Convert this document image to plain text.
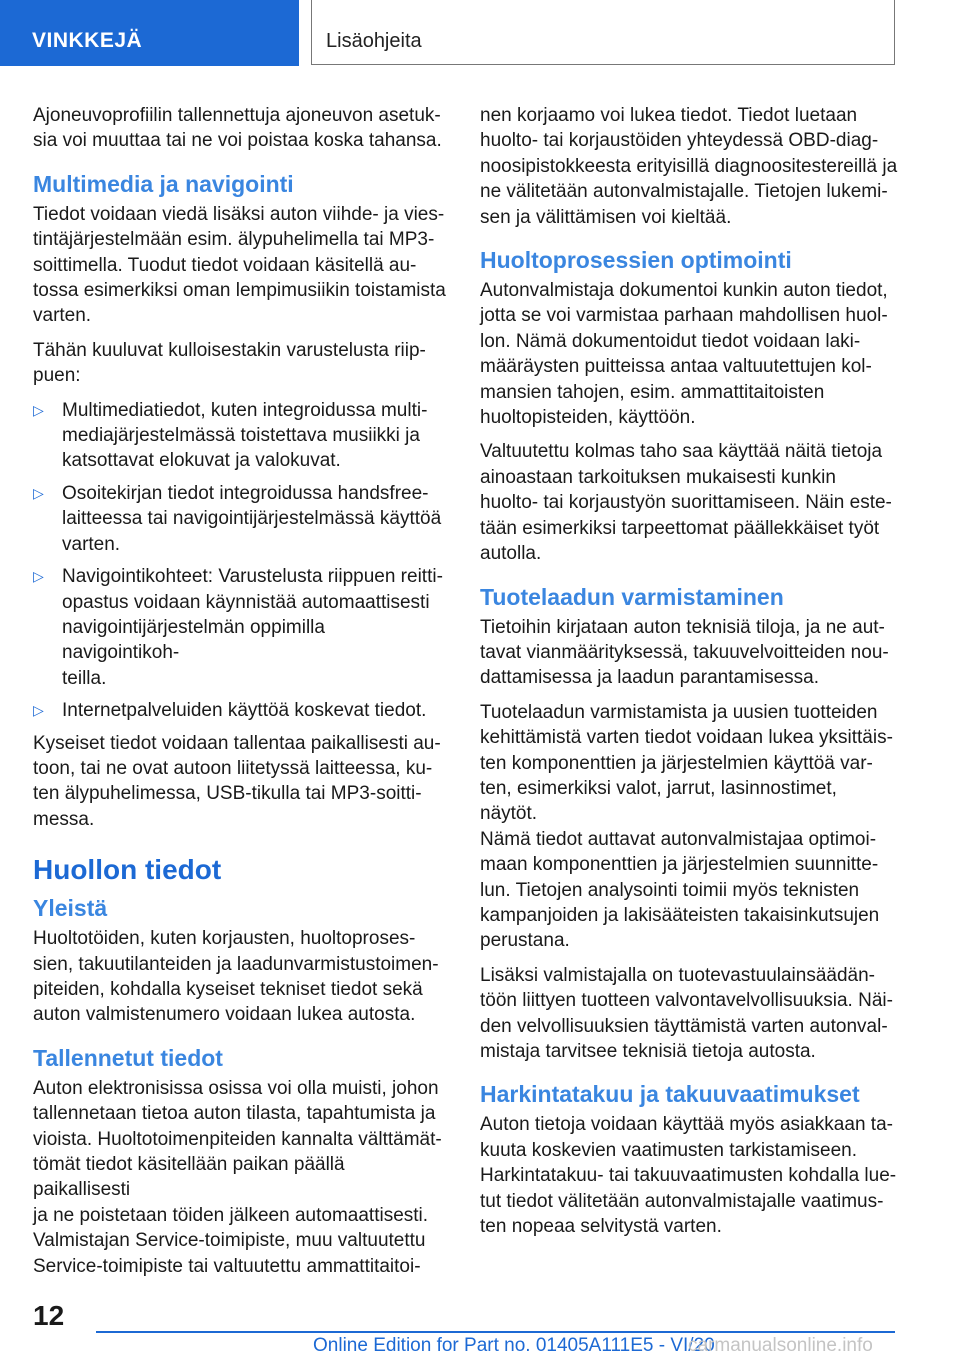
VINKKEJÄ	Lisäohjeita

Ajoneuvoprofiilin tallennettuja ajoneuvon asetuk-
sia voi muuttaa tai ne voi poistaa koska tahansa.

Multimedia ja navigointi

Tiedot voidaan viedä lisäksi auton viihde- ja vies-
tintäjärjestelmään esim. älypuhelimella tai MP3-
soittimella. Tuodut tiedot voidaan käsitellä au-
tossa esimerkiksi oman lempimusiikin toistamista
varten.

Tähän kuuluvat kulloisestakin varustelusta riip-
puen:

▷ Multimediatiedot, kuten integroidussa multi-
mediajärjestelmässä toistettava musiikki ja
katsottavat elokuvat ja valokuvat.
▷ Osoitekirjan tiedot integroidussa handsfree-
laitteessa tai navigointijärjestelmässä käyttöä
varten.
▷ Navigointikohteet: Varustelusta riippuen reitti-
opastus voidaan käynnistää automaattisesti
navigointijärjestelmän oppimilla navigointikoh-
teilla.
▷ Internetpalveluiden käyttöä koskevat tiedot.

Kyseiset tiedot voidaan tallentaa paikallisesti au-
toon, tai ne ovat autoon liitetyssä laitteessa, ku-
ten älypuhelimessa, USB-tikulla tai MP3-soitti-
messa.

Huollon tiedot
Yleistä

Huoltotöiden, kuten korjausten, huoltoproses-
sien, takuutilanteiden ja laadunvarmistustoimen-
piteiden, kohdalla kyseiset tekniset tiedot sekä
auton valmistenumero voidaan lukea autosta.

Tallennetut tiedot

Auton elektronisissa osissa voi olla muisti, johon
tallennetaan tietoa auton tilasta, tapahtumista ja
vioista. Huoltotoimenpiteiden kannalta välttämät-
tömät tiedot käsitellään paikan päällä paikallisesti
ja ne poistetaan töiden jälkeen automaattisesti.
Valmistajan Service-toimipiste, muu valtuutettu
Service-toimipiste tai valtuutettu ammattitaitoi-

nen korjaamo voi lukea tiedot. Tiedot luetaan
huolto- tai korjaustöiden yhteydessä OBD-diag-
noosipistokkeesta erityisillä diagnoositestereillä ja
ne välitetään autonvalmistajalle. Tietojen lukemi-
sen ja välittämisen voi kieltää.

Huoltoprosessien optimointi

Autonvalmistaja dokumentoi kunkin auton tiedot,
jotta se voi varmistaa parhaan mahdollisen huol-
lon. Nämä dokumentoidut tiedot voidaan laki-
määräysten puitteissa antaa valtuutettujen kol-
mansien tahojen, esim. ammattitaitoisten
huoltopisteiden, käyttöön.

Valtuutettu kolmas taho saa käyttää näitä tietoja
ainoastaan tarkoituksen mukaisesti kunkin
huolto- tai korjaustyön suorittamiseen. Näin este-
tään esimerkiksi tarpeettomat päällekkäiset työt
autolla.

Tuotelaadun varmistaminen

Tietoihin kirjataan auton teknisiä tiloja, ja ne aut-
tavat vianmäärityksessä, takuuvelvoitteiden nou-
dattamisessa ja laadun parantamisessa.

Tuotelaadun varmistamista ja uusien tuotteiden
kehittämistä varten tiedot voidaan lukea yksittäis-
ten komponenttien ja järjestelmien käyttöä var-
ten, esimerkiksi valot, jarrut, lasinnostimet, näytöt.
Nämä tiedot auttavat autonvalmistajaa optimoi-
maan komponenttien ja järjestelmien suunnitte-
lun. Tietojen analysointi toimii myös teknisten
kampanjoiden ja lakisääteisten takaisinkutsujen
perustana.

Lisäksi valmistajalla on tuotevastuulainsäädän-
töön liittyen tuotteen valvontavelvollisuuksia. Näi-
den velvollisuuksien täyttämistä varten autonval-
mistaja tarvitsee teknisiä tietoja autosta.

Harkintatakuu ja takuuvaatimukset

Auton tietoja voidaan käyttää myös asiakkaan ta-
kuuta koskevien vaatimusten tarkistamiseen.
Harkintatakuu- tai takuuvaatimusten kohdalla lue-
tut tiedot välitetään autonvalmistajalle vaatimus-
ten nopeaa selvitystä varten.

12
Online Edition for Part no. 01405A111E5 - VI/20
carmanualsonline.info
